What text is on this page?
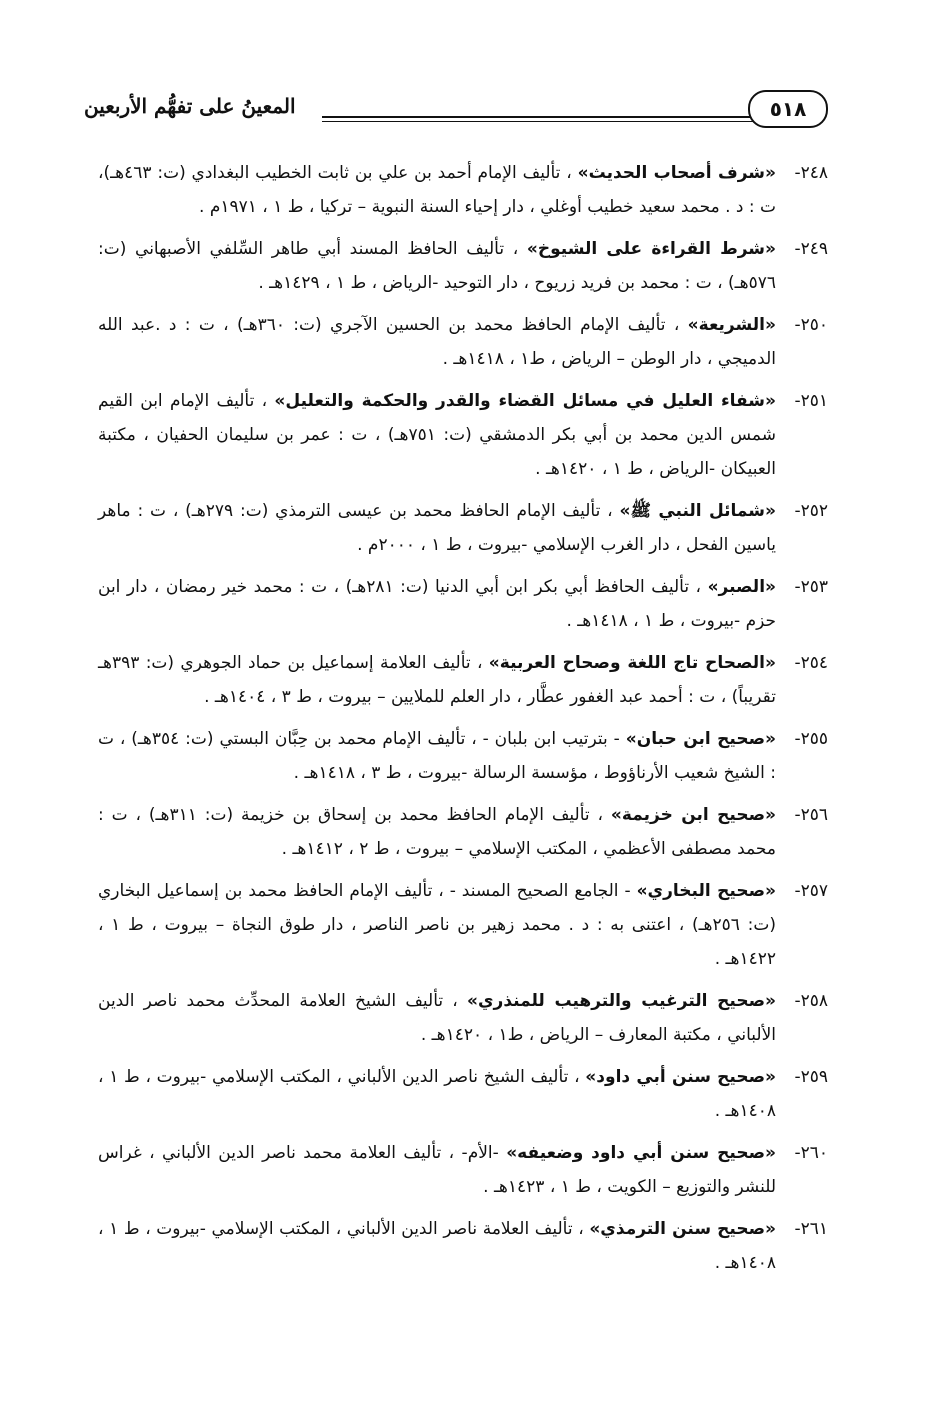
٥١٨
المعينُ على تفهُّم الأربعين
٢٤٨-
«شرف أصحاب الحديث» ، تأليف الإمام أحمد بن علي بن ثابت الخطيب البغدادي (ت: ٤٦٣هـ)، ت : د . محمد سعيد خطيب أوغلي ، دار إحياء السنة النبوية – تركيا ، ط ١ ، ١٩٧١م .
٢٤٩-
«شرط القراءة على الشيوخ» ، تأليف الحافظ المسند أبي طاهر السِّلفي الأصبهاني (ت: ٥٧٦هـ) ، ت : محمد بن فريد زريوح ، دار التوحيد -الرياض ، ط ١ ، ١٤٢٩هـ .
٢٥٠-
«الشريعة» ، تأليف الإمام الحافظ محمد بن الحسين الآجري (ت: ٣٦٠هـ) ، ت : د .عبد الله الدميجي ، دار الوطن – الرياض ، ط١ ، ١٤١٨هـ .
٢٥١-
«شفاء العليل في مسائل القضاء والقدر والحكمة والتعليل» ، تأليف الإمام ابن القيم شمس الدين محمد بن أبي بكر الدمشقي (ت: ٧٥١هـ) ، ت : عمر بن سليمان الحفيان ، مكتبة العبيكان -الرياض ، ط ١ ، ١٤٢٠هـ .
٢٥٢-
«شمائل النبي ﷺ» ، تأليف الإمام الحافظ محمد بن عيسى الترمذي (ت: ٢٧٩هـ) ، ت : ماهر ياسين الفحل ، دار الغرب الإسلامي -بيروت ، ط ١ ، ٢٠٠٠م .
٢٥٣-
«الصبر» ، تأليف الحافظ أبي بكر ابن أبي الدنيا (ت: ٢٨١هـ) ، ت : محمد خير رمضان ، دار ابن حزم -بيروت ، ط ١ ، ١٤١٨هـ .
٢٥٤-
«الصحاح تاج اللغة وصحاح العربية» ، تأليف العلامة إسماعيل بن حماد الجوهري (ت: ٣٩٣هـ تقريباً) ، ت : أحمد عبد الغفور عطَّار ، دار العلم للملايين – بيروت ، ط ٣ ، ١٤٠٤هـ .
٢٥٥-
«صحيح ابن حبان» - بترتيب ابن بلبان - ، تأليف الإمام محمد بن حِبَّان البستي (ت: ٣٥٤هـ) ، ت : الشيخ شعيب الأرناؤوط ، مؤسسة الرسالة -بيروت ، ط ٣ ، ١٤١٨هـ .
٢٥٦-
«صحيح ابن خزيمة» ، تأليف الإمام الحافظ محمد بن إسحاق بن خزيمة (ت: ٣١١هـ) ، ت : محمد مصطفى الأعظمي ، المكتب الإسلامي – بيروت ، ط ٢ ، ١٤١٢هـ .
٢٥٧-
«صحيح البخاري» - الجامع الصحيح المسند - ، تأليف الإمام الحافظ محمد بن إسماعيل البخاري (ت: ٢٥٦هـ) ، اعتنى به : د . محمد زهير بن ناصر الناصر ، دار طوق النجاة – بيروت ، ط ١ ، ١٤٢٢هـ .
٢٥٨-
«صحيح الترغيب والترهيب للمنذري» ، تأليف الشيخ العلامة المحدِّث محمد ناصر الدين الألباني ، مكتبة المعارف – الرياض ، ط١ ، ١٤٢٠هـ .
٢٥٩-
«صحيح سنن أبي داود» ، تأليف الشيخ ناصر الدين الألباني ، المكتب الإسلامي -بيروت ، ط ١ ، ١٤٠٨هـ .
٢٦٠-
«صحيح سنن أبي داود وضعيفه» -الأم- ، تأليف العلامة محمد ناصر الدين الألباني ، غراس للنشر والتوزيع – الكويت ، ط ١ ، ١٤٢٣هـ .
٢٦١-
«صحيح سنن الترمذي» ، تأليف العلامة ناصر الدين الألباني ، المكتب الإسلامي -بيروت ، ط ١ ، ١٤٠٨هـ .
